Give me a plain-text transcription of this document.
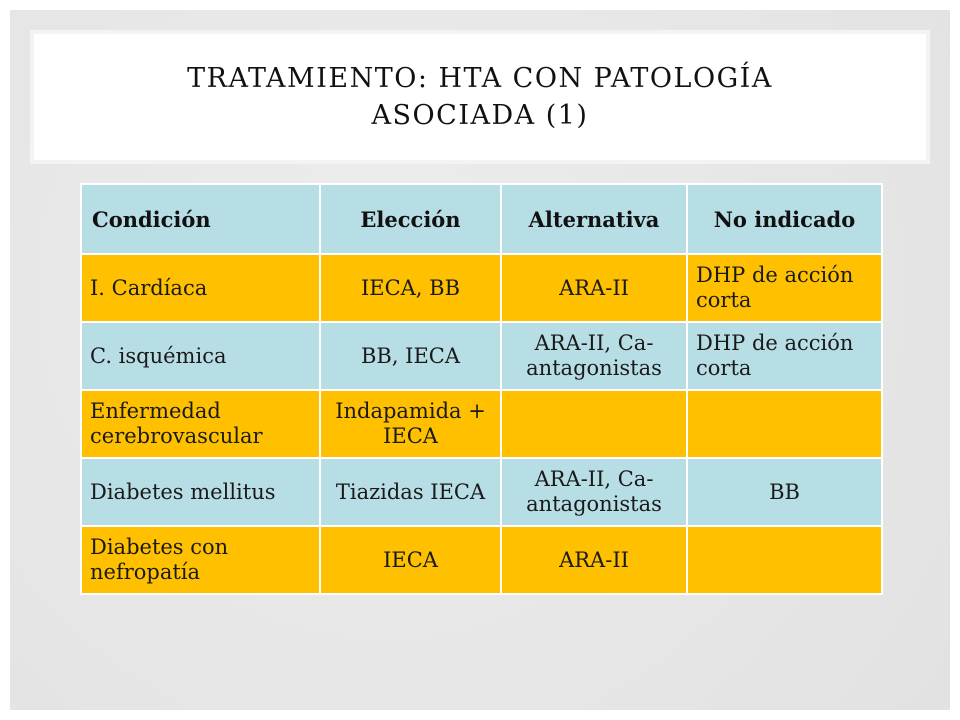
TRATAMIENTO: HTA CON PATOLOGÍA ASOCIADA (1)
Condición	Elección	Alternativa	No indicado
I. Cardíaca	IECA, BB	ARA-II	DHP de acción corta
C. isquémica	BB, IECA	ARA-II, Ca-antagonistas	DHP de acción corta
Enfermedad cerebrovascular	Indapamida + IECA		
Diabetes mellitus	Tiazidas IECA	ARA-II, Ca-antagonistas	BB
Diabetes con nefropatía	IECA	ARA-II	
